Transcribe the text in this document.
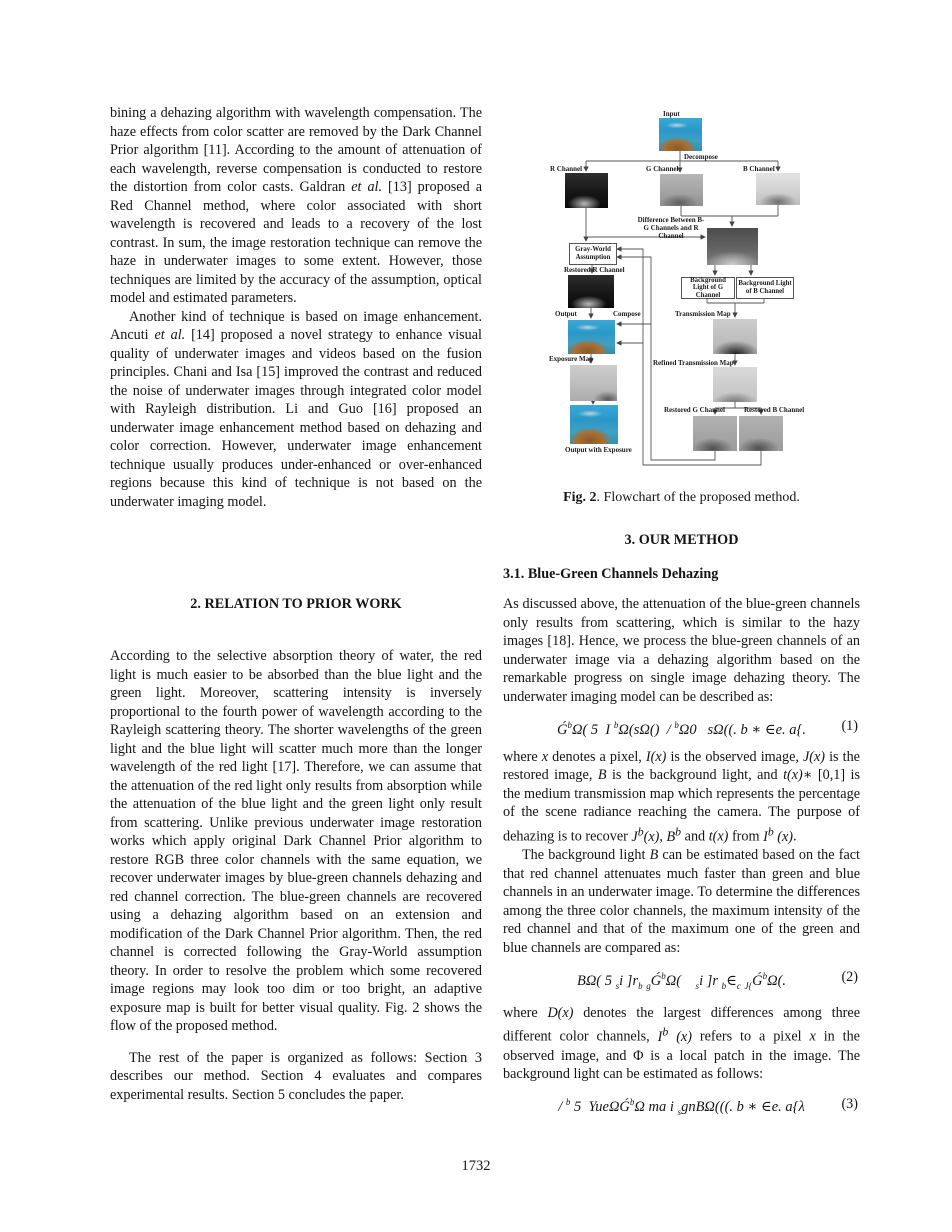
bining a dehazing algorithm with wavelength compensation. The haze effects from color scatter are removed by the Dark Channel Prior algorithm [11]. According to the amount of attenuation of each wavelength, reverse compensation is conducted to restore the distortion from color casts. Galdran et al. [13] proposed a Red Channel method, where color associated with short wavelength is recovered and leads to a recovery of the lost contrast. In sum, the image restoration technique can remove the haze in underwater images to some extent. However, those techniques are limited by the accuracy of the assumption, optical model and estimated parameters.

Another kind of technique is based on image enhancement. Ancuti et al. [14] proposed a novel strategy to enhance visual quality of underwater images and videos based on the fusion principles. Chani and Isa [15] improved the contrast and reduced the noise of underwater images through integrated color model with Rayleigh distribution. Li and Guo [16] proposed an underwater image enhancement method based on dehazing and color correction. However, underwater image enhancement technique usually produces under-enhanced or over-enhanced regions because this kind of technique is not based on the underwater imaging model.

2. RELATION TO PRIOR WORK

According to the selective absorption theory of water, the red light is much easier to be absorbed than the blue light and the green light. Moreover, scattering intensity is inversely proportional to the fourth power of wavelength according to the Rayleigh scattering theory. The shorter wavelengths of the green light and the blue light will scatter much more than the longer wavelength of the red light [17]. Therefore, we can assume that the attenuation of the red light only results from absorption while the attenuation of the blue light and the green light only result from scattering. Unlike previous underwater image restoration works which apply original Dark Channel Prior algorithm to restore RGB three color channels with the same equation, we recover underwater images by blue-green channels dehazing and red channel correction. The blue-green channels are recovered using a dehazing algorithm based on an extension and modification of the Dark Channel Prior algorithm. Then, the red channel is corrected following the Gray-World assumption theory. In order to resolve the problem which some recovered image regions may look too dim or too bright, an adaptive exposure map is built for better visual quality. Fig. 2 shows the flow of the proposed method.

The rest of the paper is organized as follows: Section 3 describes our method. Section 4 evaluates and compares experimental results. Section 5 concludes the paper.

Input
Decompose
R Channel	G Channel	B Channel
Difference Between B-G Channels and R Channel
Restored R Channel
Output	Compose	Transmission Map
Exposure Map	Refined Transmission Map
Output with Exposure
Restored G Channel	Restored B Channel
Gray-World Assumption
Background Light of G Channel
Background Light of B Channel
Fig. 2. Flowchart of the proposed method.
3. OUR METHOD
3.1. Blue-Green Channels Dehazing

As discussed above, the attenuation of the blue-green channels only results from scattering, which is similar to the hazy images [18]. Hence, we process the blue-green channels of an underwater image via a dehazing algorithm based on the remarkable progress on single image dehazing theory. The underwater imaging model can be described as:

$Ǵ^b\Omega$( 5  I $^b$Ω(sΩ()  / $^b$Ω0   sΩ((. b ∗ ∈e. a{. (1)

where x denotes a pixel, I(x) is the observed image, J(x) is the restored image, B is the background light, and t(x)∗ [0,1] is the medium transmission map which represents the percentage of the scene radiance reaching the camera. The purpose of dehazing is to recover $J^b(x)$, $B^b$ and t(x) from $I^b$ (x).

The background light B can be estimated based on the fact that red channel attenuates much faster than green and blue channels in an underwater image. To determine the differences among the three color channels, the maximum intensity of the red channel and that of the maximum one of the green and blue channels are compared as:

BΩ( 5 $_s$i ]$r_b$ $_gǴ^b\Omega$(    $_s$i ]r $_b\in_c$ $_{J\{}Ǵ^b\Omega$(.	(2)

where D(x) denotes the largest differences among three different color channels, $I^b$ (x) refers to a pixel x in the observed image, and Φ is a local patch in the image. The background light can be estimated as follows:

/ $^b$ 5  YueΩǴ$^b$Ω ma i $_s$gnBΩ(((. b ∗ ∈e. a{λ	(3)
1732
